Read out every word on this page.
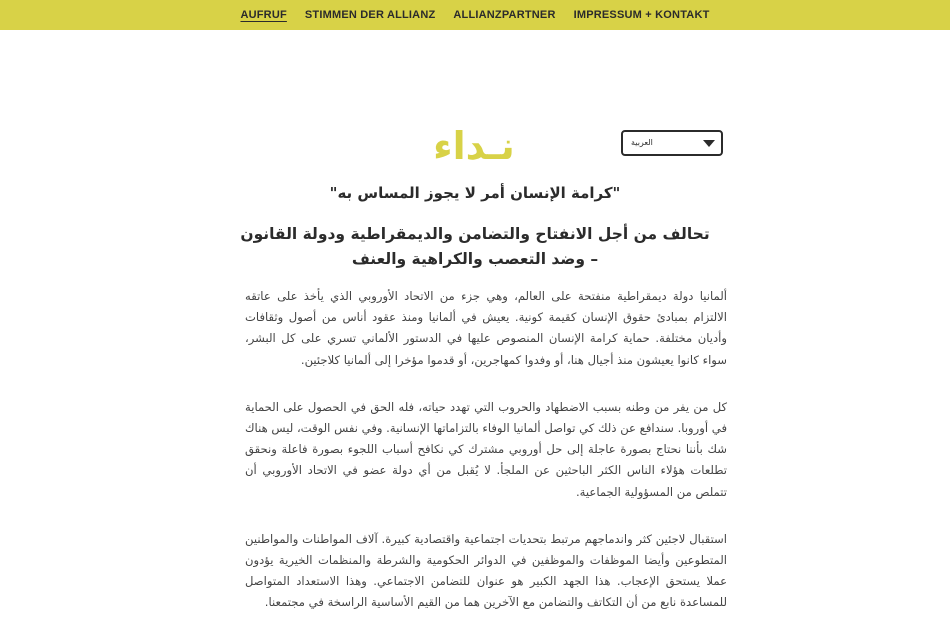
AUFRUF	STIMMEN DER ALLIANZ	ALLIANZPARTNER	IMPRESSUM + KONTAKT
نـداء	العربية
"كرامة الإنسان أمر لا يجوز المساس به"
تحالف من أجل الانفتاح والتضامن والديمقراطية ودولة القانون – وضد التعصب والكراهية والعنف

ألمانيا دولة ديمقراطية منفتحة على العالم، وهي جزء من الاتحاد الأوروبي الذي يأخذ على عاتقه الالتزام بمبادئ حقوق الإنسان كقيمة كونية. يعيش في ألمانيا ومنذ عقود أناس من أصول وثقافات وأديان مختلفة. حماية كرامة الإنسان المنصوص عليها في الدستور الألماني تسري على كل البشر، سواء كانوا يعيشون منذ أجيال هنا، أو وفدوا كمهاجرين، أو قدموا مؤخرا إلى ألمانيا كلاجئين.

كل من يفر من وطنه بسبب الاضطهاد والحروب التي تهدد حياته، فله الحق في الحصول على الحماية في أوروبا. سندافع عن ذلك كي تواصل ألمانيا الوفاء بالتزاماتها الإنسانية. وفي نفس الوقت، ليس هناك شك بأننا نحتاج بصورة عاجلة إلى حل أوروبي مشترك كي نكافح أسباب اللجوء بصورة فاعلة ونحقق تطلعات هؤلاء الناس الكثر الباحثين عن الملجأ. لا يُقبل من أي دولة عضو في الاتحاد الأوروبي أن تتملص من المسؤولية الجماعية.

استقبال لاجئين كثر واندماجهم مرتبط بتحديات اجتماعية واقتصادية كبيرة. آلاف المواطنات والمواطنين المتطوعين وأيضا الموظفات والموظفين في الدوائر الحكومية والشرطة والمنظمات الخيرية يؤدون عملا يستحق الإعجاب. هذا الجهد الكبير هو عنوان للتضامن الاجتماعي. وهذا الاستعداد المتواصل للمساعدة نابع من أن التكاتف والتضامن مع الآخرين هما من القيم الأساسية الراسخة في مجتمعنا.
